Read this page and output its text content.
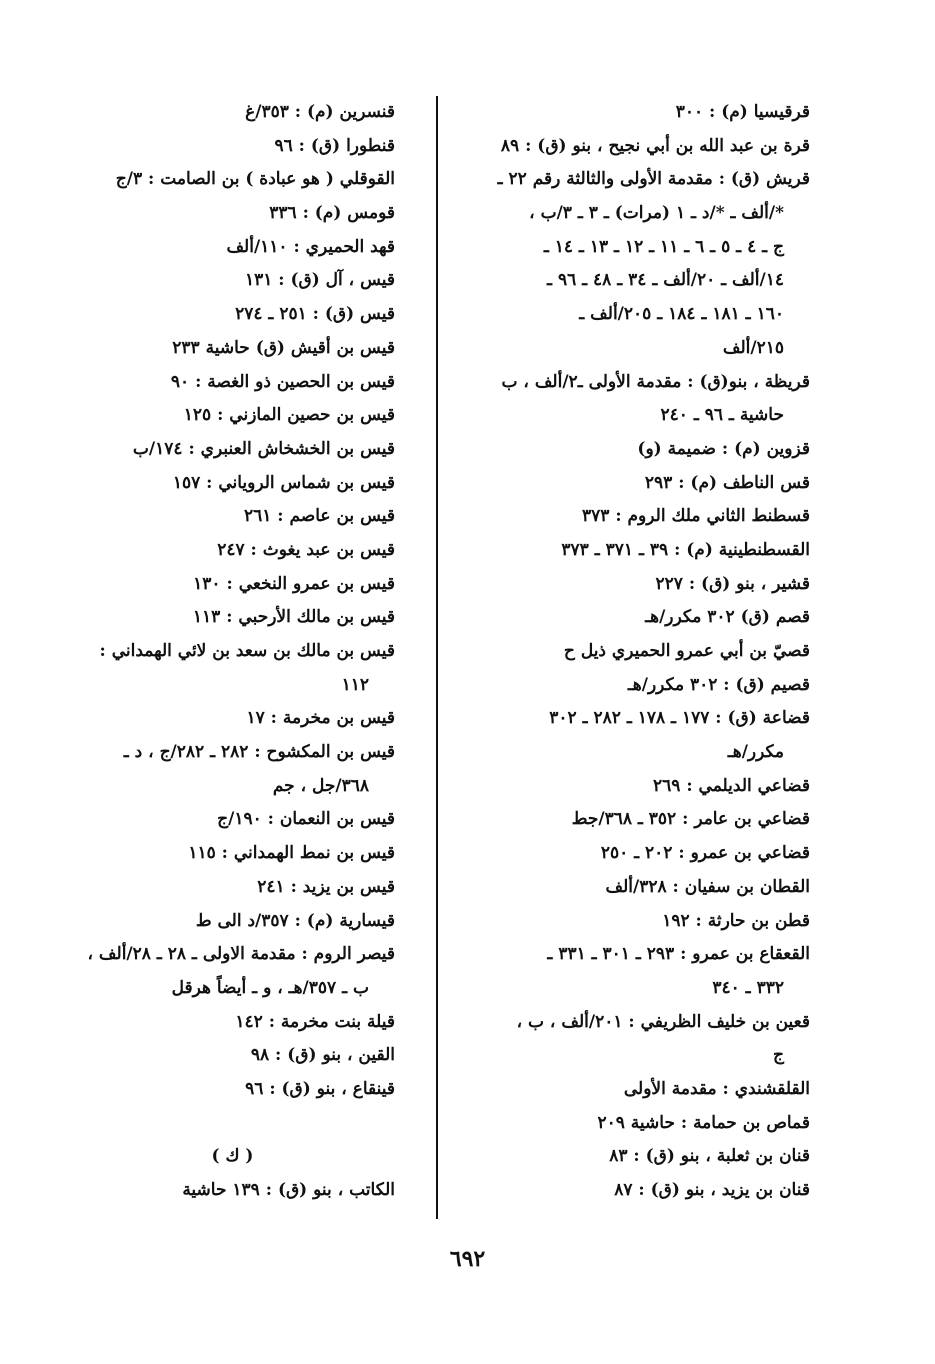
قرقيسيا (م) : ٣٠٠
قرة بن عبد الله بن أبي نجيح ، بنو (ق) : ٨٩
قريش (ق) : مقدمة الأولى والثالثة رقم ٢٢ ـ
*/ألف ـ */د ـ ١ (مرات) ـ ٣ ـ ٣/ب ،
ج ـ ٤ ـ ٥ ـ ٦ ـ ١١ ـ ١٢ ـ ١٣ ـ ١٤ ـ
١٤/ألف ـ ٢٠/ألف ـ ٣٤ ـ ٤٨ ـ ٩٦ ـ
١٦٠ ـ ١٨١ ـ ١٨٤ ـ ٢٠٥/ألف ـ
٢١٥/ألف
قريظة ، بنو(ق) : مقدمة الأولى ـ٢/ألف ، ب
حاشية ـ ٩٦ ـ ٢٤٠
قزوين (م) : ضميمة (و)
قس الناطف (م) : ٢٩٣
قسطنط الثاني ملك الروم : ٣٧٣
القسطنطينية (م) : ٣٩ ـ ٣٧١ ـ ٣٧٣
قشير ، بنو (ق) : ٢٢٧
قصم (ق) ٣٠٢ مكرر/هـ
قصيّ بن أبي عمرو الحميري ذيل ح
قصيم (ق) : ٣٠٢ مكرر/هـ
قضاعة (ق) : ١٧٧ ـ ١٧٨ ـ ٢٨٢ ـ ٣٠٢
مكرر/هـ
قضاعي الديلمي : ٢٦٩
قضاعي بن عامر : ٣٥٢ ـ ٣٦٨/جط
قضاعي بن عمرو : ٢٠٢ ـ ٢٥٠
القطان بن سفيان : ٣٢٨/ألف
قطن بن حارثة : ١٩٢
القعقاع بن عمرو : ٢٩٣ ـ ٣٠١ ـ ٣٣١ ـ
٣٣٢ ـ ٣٤٠
قعين بن خليف الظريفي : ٢٠١/ألف ، ب ،
ج
القلقشندي : مقدمة الأولى
قماص بن حمامة : حاشية ٢٠٩
قنان بن ثعلبة ، بنو (ق) : ٨٣
قنان بن يزيد ، بنو (ق) : ٨٧
قنسرين (م) : ٣٥٣/غ
قنطورا (ق) : ٩٦
القوقلي ( هو عبادة ) بن الصامت : ٣/ج
قومس (م) : ٣٣٦
قهد الحميري : ١١٠/ألف
قيس ، آل (ق) : ١٣١
قيس (ق) : ٢٥١ ـ ٢٧٤
قيس بن أقيش (ق) حاشية ٢٣٣
قيس بن الحصين ذو الغصة : ٩٠
قيس بن حصين المازني : ١٢٥
قيس بن الخشخاش العنبري : ١٧٤/ب
قيس بن شماس الروياني : ١٥٧
قيس بن عاصم : ٢٦١
قيس بن عبد يغوث : ٢٤٧
قيس بن عمرو النخعي : ١٣٠
قيس بن مالك الأرحبي : ١١٣
قيس بن مالك بن سعد بن لائي الهمداني :
١١٢
قيس بن مخرمة : ١٧
قيس بن المكشوح : ٢٨٢ ـ ٢٨٢/ج ، د ـ
٣٦٨/جل ، جم
قيس بن النعمان : ١٩٠/ج
قيس بن نمط الهمداني : ١١٥
قيس بن يزيد : ٢٤١
قيسارية (م) : ٣٥٧/د الى ط
قيصر الروم : مقدمة الاولى ـ ٢٨ ـ ٢٨/ألف ،
ب ـ ٣٥٧/هـ ، و ـ أيضاً هرقل
قيلة بنت مخرمة : ١٤٢
القين ، بنو (ق) : ٩٨
قينقاع ، بنو (ق) : ٩٦
( ك )
الكاتب ، بنو (ق) : ١٣٩ حاشية
٦٩٢
